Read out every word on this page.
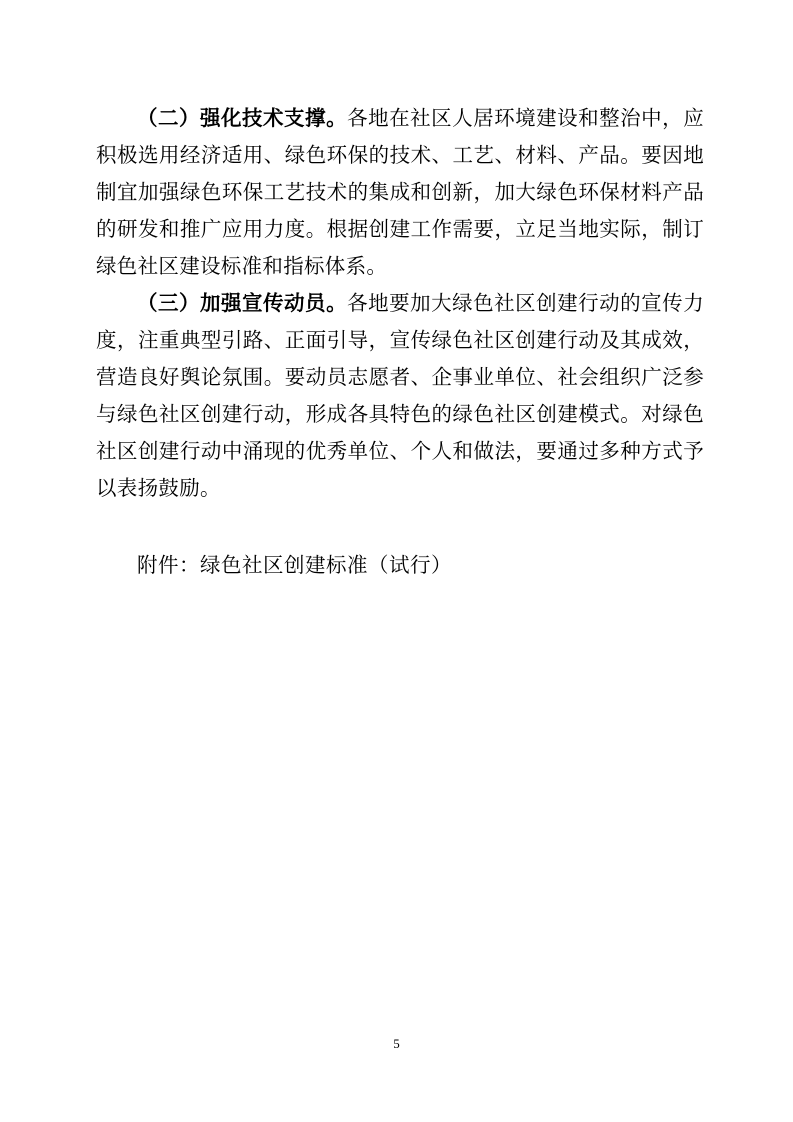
（二）强化技术支撑。各地在社区人居环境建设和整治中，应积极选用经济适用、绿色环保的技术、工艺、材料、产品。要因地制宜加强绿色环保工艺技术的集成和创新，加大绿色环保材料产品的研发和推广应用力度。根据创建工作需要，立足当地实际，制订绿色社区建设标准和指标体系。

（三）加强宣传动员。各地要加大绿色社区创建行动的宣传力度，注重典型引路、正面引导，宣传绿色社区创建行动及其成效，营造良好舆论氛围。要动员志愿者、企事业单位、社会组织广泛参与绿色社区创建行动，形成各具特色的绿色社区创建模式。对绿色社区创建行动中涌现的优秀单位、个人和做法，要通过多种方式予以表扬鼓励。

附件：绿色社区创建标准（试行）

5
